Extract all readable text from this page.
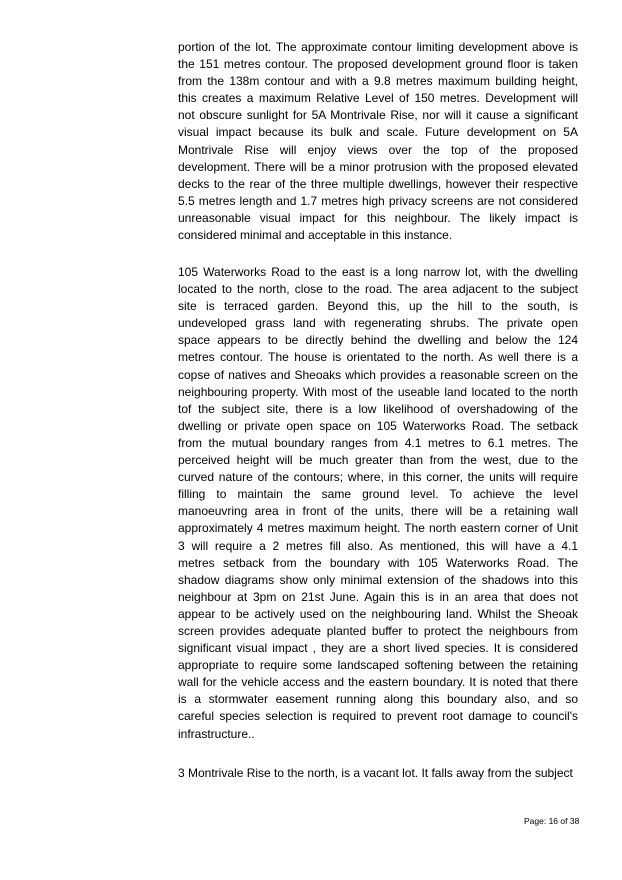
portion of the lot. The approximate contour limiting development above is
the 151 metres contour. The proposed development ground floor is taken
from the 138m contour and with a 9.8 metres maximum building height,
this creates a maximum Relative Level of 150 metres. Development will
not obscure sunlight for 5A Montrivale Rise, nor will it cause a significant
visual impact because its bulk and scale. Future development on 5A
Montrivale Rise will enjoy views over the top of the proposed
development. There will be a minor protrusion with the proposed elevated
decks to the rear of the three multiple dwellings, however their respective
5.5 metres length and 1.7 metres high privacy screens are not considered
unreasonable visual impact for this neighbour. The likely impact is
considered minimal and acceptable in this instance.
105 Waterworks Road to the east is a long narrow lot, with the dwelling
located to the north, close to the road. The area adjacent to the subject
site is terraced garden. Beyond this, up the hill to the south, is
undeveloped grass land with regenerating shrubs. The private open
space appears to be directly behind the dwelling and below the 124
metres contour. The house is orientated to the north. As well there is a
copse of natives and Sheoaks which provides a reasonable screen on the
neighbouring property. With most of the useable land located to the north
tof the subject site, there is a low likelihood of overshadowing of the
dwelling or private open space on 105 Waterworks Road. The setback
from the mutual boundary ranges from 4.1 metres to 6.1 metres. The
perceived height will be much greater than from the west, due to the
curved nature of the contours; where, in this corner, the units will require
filling to maintain the same ground level. To achieve the level
manoeuvring area in front of the units, there will be a retaining wall
approximately 4 metres maximum height. The north eastern corner of Unit
3 will require a 2 metres fill also. As mentioned, this will have a 4.1
metres setback from the boundary with 105 Waterworks Road. The
shadow diagrams show only minimal extension of the shadows into this
neighbour at 3pm on 21st June. Again this is in an area that does not
appear to be actively used on the neighbouring land. Whilst the Sheoak
screen provides adequate planted buffer to protect the neighbours from
significant visual impact , they are a short lived species. It is considered
appropriate to require some landscaped softening between the retaining
wall for the vehicle access and the eastern boundary. It is noted that there
is a stormwater easement running along this boundary also, and so
careful species selection is required to prevent root damage to council's
infrastructure..
3 Montrivale Rise to the north, is a vacant lot. It falls away from the subject
Page: 16 of 38
